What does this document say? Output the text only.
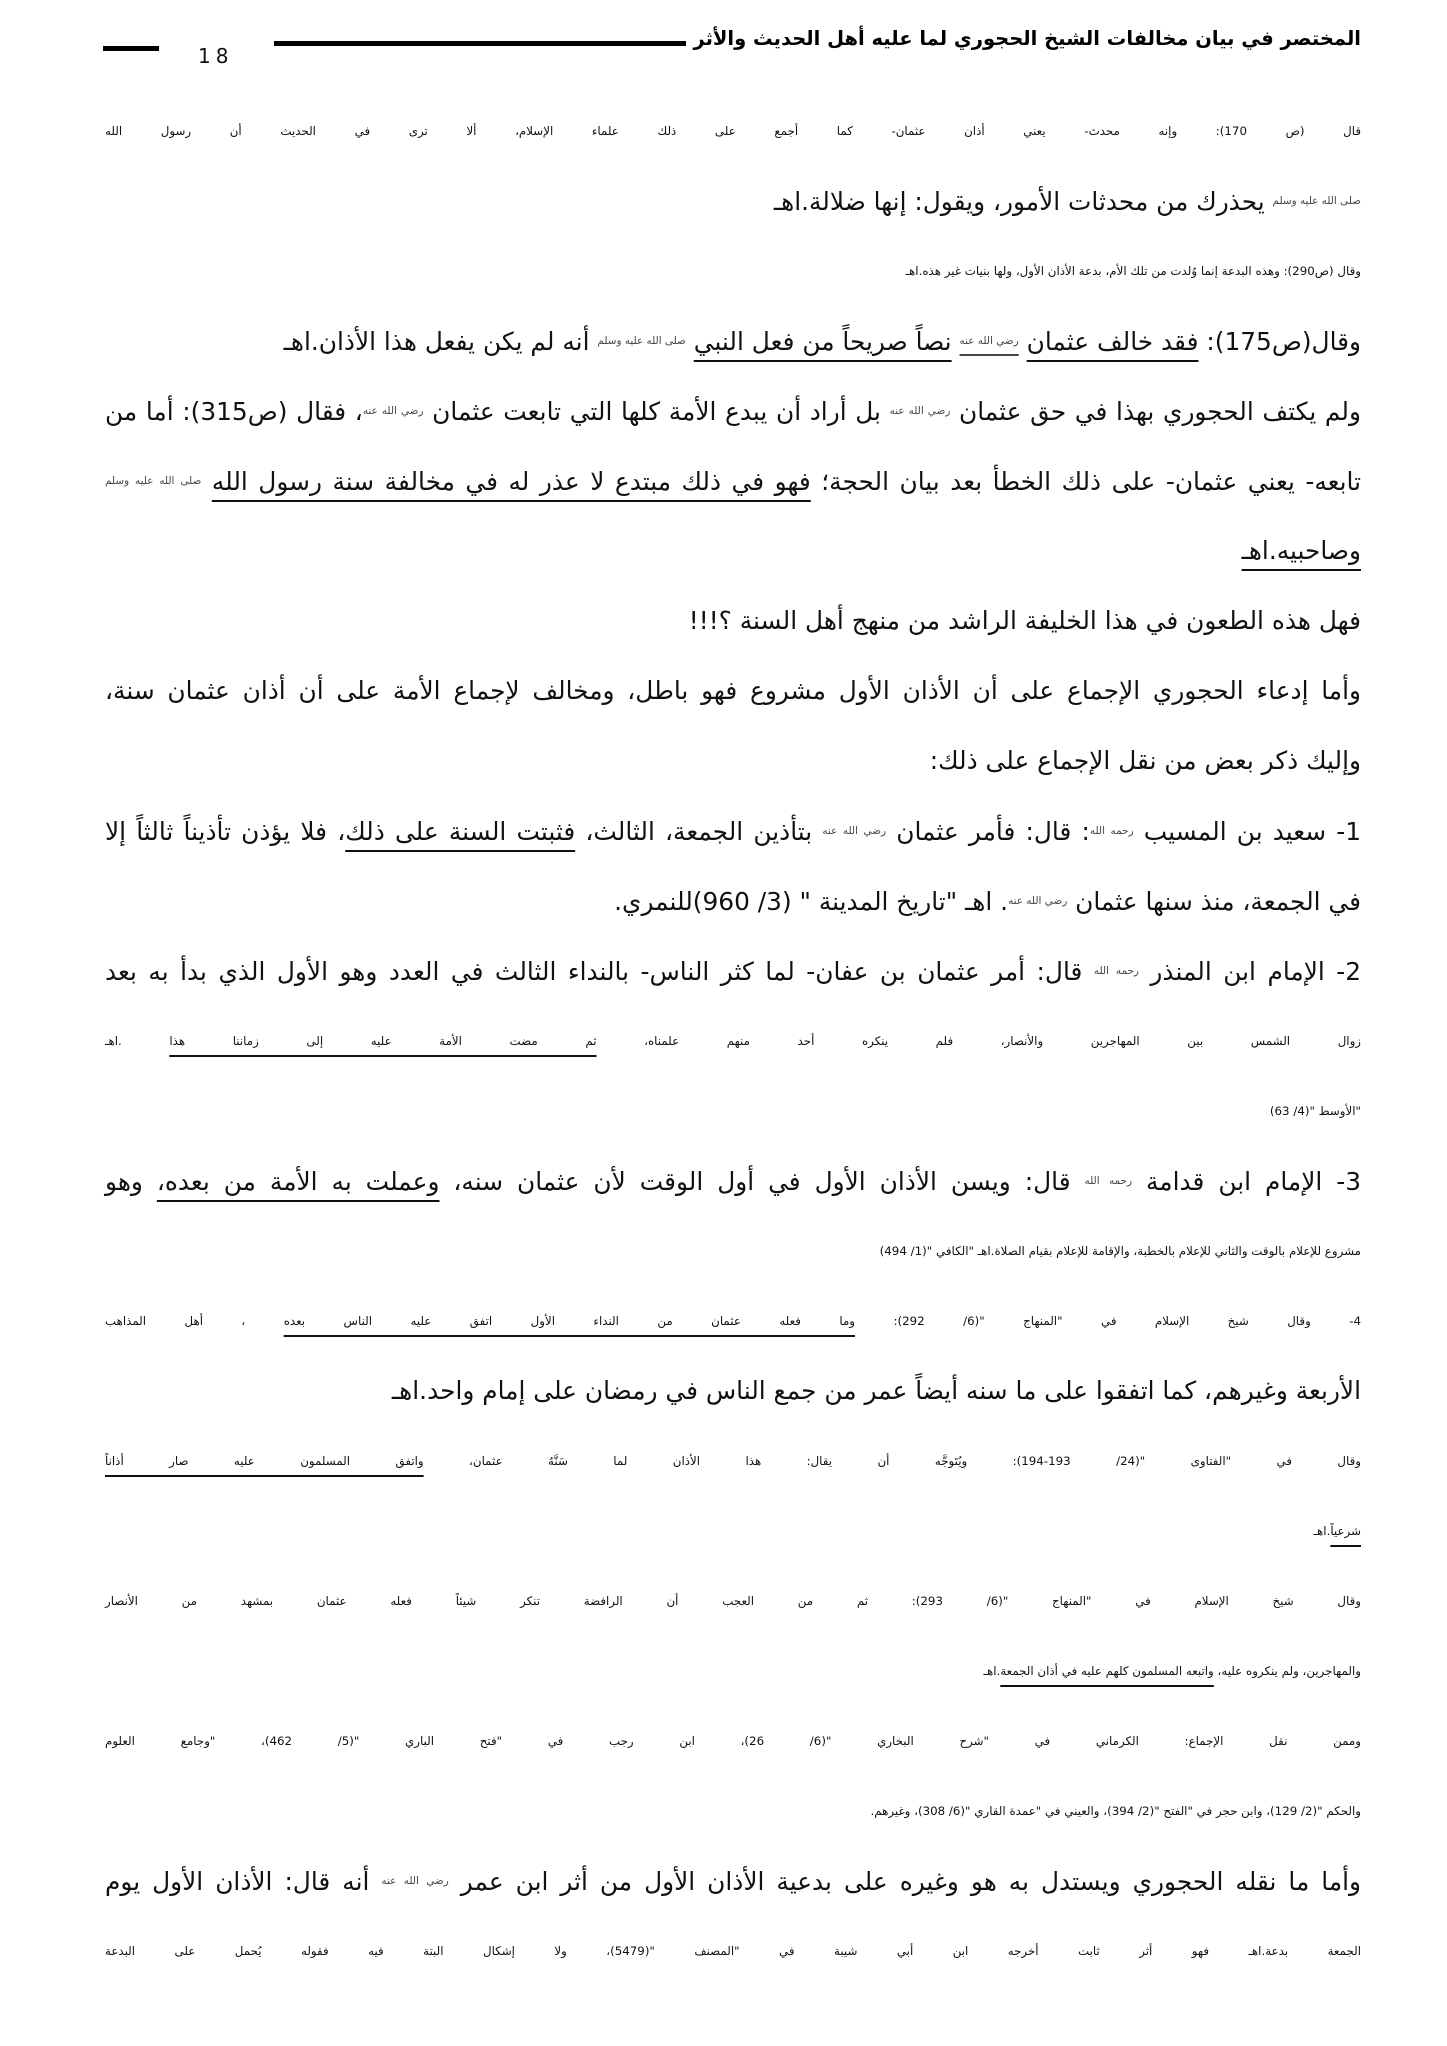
المختصر في بيان مخالفات الشيخ الحجوري لما عليه أهل الحديث والأثر
18
قال (ص 170): وإنه محدث- يعني أذان عثمان- كما أجمع على ذلك علماء الإسلام، ألا ترى في الحديث أن رسول الله
$^{صلى الله عليه وسلم}$ يحذرك من محدثات الأمور، ويقول: إنها ضلالة.اهـ
وقال (ص290): وهذه البدعة إنما وُلدت من تلك الأم، بدعة الأذان الأول، ولها بنيات غير هذه.اهـ
وقال(ص175): فقد خالف عثمان $^{رضي الله عنه}$ نصاً صريحاً من فعل النبي $^{صلى الله عليه وسلم}$ أنه لم يكن يفعل هذا الأذان.اهـ
ولم يكتف الحجوري بهذا في حق عثمان $^{رضي الله عنه}$ بل أراد أن يبدع الأمة كلها التي تابعت عثمان $^{رضي الله عنه}$، فقال (ص315): أما من
تابعه- يعني عثمان- على ذلك الخطأ بعد بيان الحجة؛ فهو في ذلك مبتدع لا عذر له في مخالفة سنة رسول الله $^{صلى الله عليه وسلم}$
وصاحبيه.اهـ
فهل هذه الطعون في هذا الخليفة الراشد من منهج أهل السنة ؟!!!
وأما إدعاء الحجوري الإجماع على أن الأذان الأول مشروع فهو باطل، ومخالف لإجماع الأمة على أن أذان عثمان سنة،
وإليك ذكر بعض من نقل الإجماع على ذلك:
1- سعيد بن المسيب $^{رحمه الله}$: قال: فأمر عثمان $^{رضي الله عنه}$ بتأذين الجمعة، الثالث، فثبتت السنة على ذلك، فلا يؤذن تأذيناً ثالثاً إلا
في الجمعة، منذ سنها عثمان $^{رضي الله عنه}$. اهـ "تاريخ المدينة " (3/ 960)للنمري.
2- الإمام ابن المنذر $^{رحمه الله}$ قال: أمر عثمان بن عفان- لما كثر الناس- بالنداء الثالث في العدد وهو الأول الذي بدأ به بعد
زوال الشمس بين المهاجرين والأنصار، فلم ينكره أحد منهم علمناه، ثم مضت الأمة عليه إلى زماننا هذا .اهـ
"الأوسط "(4/ 63)
3- الإمام ابن قدامة $^{رحمه الله}$ قال: ويسن الأذان الأول في أول الوقت لأن عثمان سنه، وعملت به الأمة من بعده، وهو
مشروع للإعلام بالوقت والثاني للإعلام بالخطبة، والإقامة للإعلام بقيام الصلاة.اهـ "الكافي "(1/ 494)
4- وقال شيخ الإسلام في "المنهاج "(6/ 292): وما فعله عثمان من النداء الأول اتفق عليه الناس بعده ، أهل المذاهب
الأربعة وغيرهم، كما اتفقوا على ما سنه أيضاً عمر من جمع الناس في رمضان على إمام واحد.اهـ
وقال في "الفتاوى "(24/ 193-194): ويُتَوجَّه أن يقال: هذا الأذان لما سَنَّهُ عثمان، واتفق المسلمون عليه صار أذاناً
شرعياً.اهـ
وقال شيخ الإسلام في "المنهاج "(6/ 293): ثم من العجب أن الرافضة تنكر شيئاً فعله عثمان بمشهد من الأنصار
والمهاجرين، ولم ينكروه عليه، واتبعه المسلمون كلهم عليه في أذان الجمعة.اهـ
وممن نقل الإجماع: الكرماني في "شرح البخاري "(6/ 26)، ابن رجب في "فتح الباري "(5/ 462)، "وجامع العلوم
والحكم "(2/ 129)، وابن حجر في "الفتح "(2/ 394)، والعيني في "عمدة القاري "(6/ 308)، وغيرهم.
وأما ما نقله الحجوري ويستدل به هو وغيره على بدعية الأذان الأول من أثر ابن عمر $^{رضي الله عنه}$ أنه قال: الأذان الأول يوم
الجمعة بدعة.اهـ فهو أثر ثابت أخرجه ابن أبي شيبة في "المصنف "(5479)، ولا إشكال البتة فيه فقوله يُحمل على البدعة
